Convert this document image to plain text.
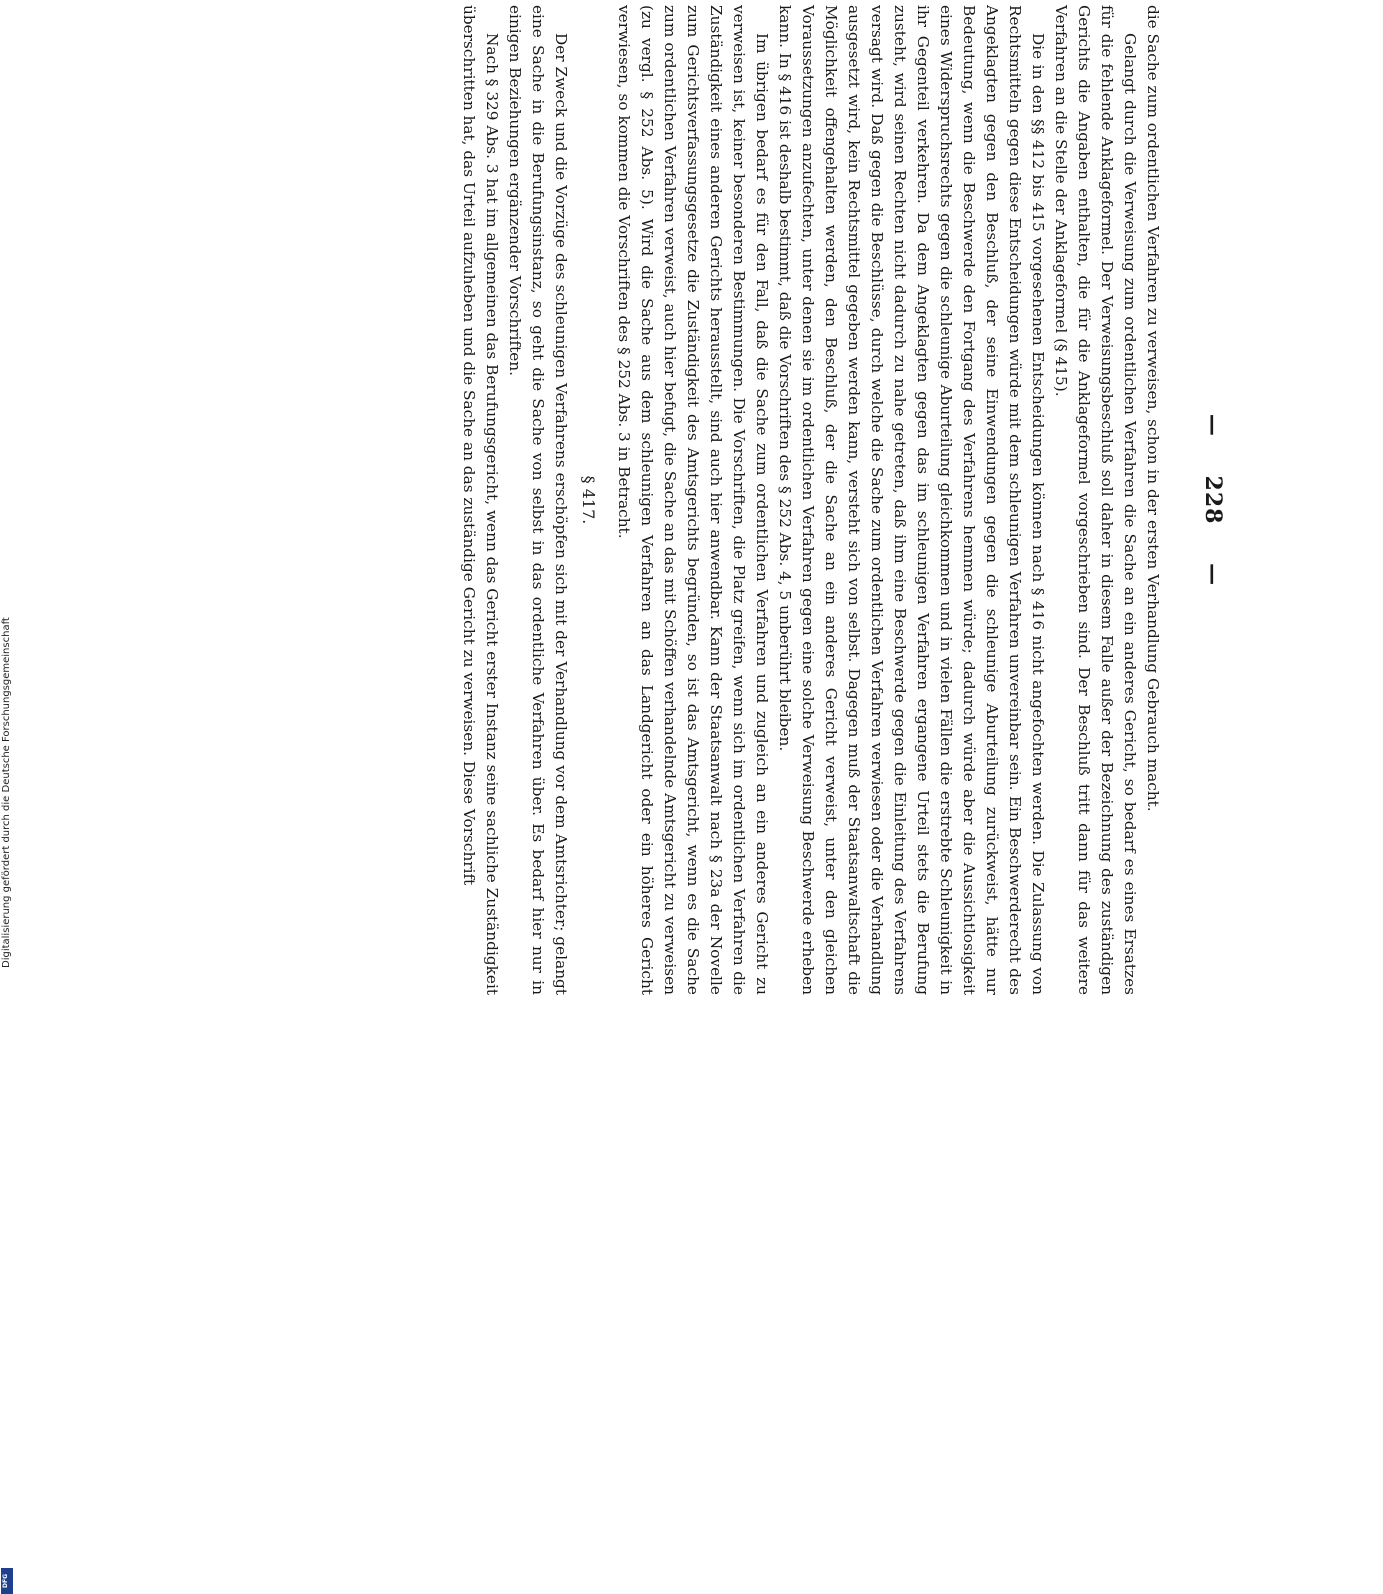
— 228 —

die Sache zum ordentlichen Verfahren zu verweisen, schon in der ersten Verhandlung Gebrauch macht.

Gelangt durch die Verweisung zum ordentlichen Verfahren die Sache an ein anderes Gericht, so bedarf es eines Ersatzes für die fehlende Anklageformel. Der Verweisungsbeschluß soll daher in diesem Falle außer der Bezeichnung des zuständigen Gerichts die Angaben enthalten, die für die Anklageformel vorgeschrieben sind. Der Beschluß tritt dann für das weitere Verfahren an die Stelle der Anklageformel (§ 415).

Die in den §§ 412 bis 415 vorgesehenen Entscheidungen können nach § 416 nicht angefochten werden. Die Zulassung von Rechtsmitteln gegen diese Entscheidungen würde mit dem schleunigen Verfahren unvereinbar sein. Ein Beschwerderecht des Angeklagten gegen den Beschluß, der seine Einwendungen gegen die schleunige Aburteilung zurückweist, hätte nur Bedeutung, wenn die Beschwerde den Fortgang des Verfahrens hemmen würde; dadurch würde aber die Aussichtlosigkeit eines Widerspruchsrechts gegen die schleunige Aburteilung gleichkommen und in vielen Fällen die erstrebte Schleunigkeit in ihr Gegenteil verkehren. Da dem Angeklagten gegen das im schleunigen Verfahren ergangene Urteil stets die Berufung zusteht, wird seinen Rechten nicht dadurch zu nahe getreten, daß ihm eine Beschwerde gegen die Einleitung des Verfahrens versagt wird. Daß gegen die Beschlüsse, durch welche die Sache zum ordentlichen Verfahren verwiesen oder die Verhandlung ausgesetzt wird, kein Rechtsmittel gegeben werden kann, versteht sich von selbst. Dagegen muß der Staatsanwaltschaft die Möglichkeit offengehalten werden, den Beschluß, der die Sache an ein anderes Gericht verweist, unter den gleichen Voraussetzungen anzufechten, unter denen sie im ordentlichen Verfahren gegen eine solche Verweisung Beschwerde erheben kann. In § 416 ist deshalb bestimmt, daß die Vorschriften des § 252 Abs. 4, 5 unberührt bleiben.

Im übrigen bedarf es für den Fall, daß die Sache zum ordentlichen Verfahren und zugleich an ein anderes Gericht zu verweisen ist, keiner besonderen Bestimmungen. Die Vorschriften, die Platz greifen, wenn sich im ordentlichen Verfahren die Zuständigkeit eines anderen Gerichts herausstellt, sind auch hier anwendbar. Kann der Staatsanwalt nach § 23a der Novelle zum Gerichtsverfassungsgesetze die Zuständigkeit des Amtsgerichts begründen, so ist das Amtsgericht, wenn es die Sache zum ordentlichen Verfahren verweist, auch hier befugt, die Sache an das mit Schöffen verhandelnde Amtsgericht zu verweisen (zu vergl. § 252 Abs. 5). Wird die Sache aus dem schleunigen Verfahren an das Landgericht oder ein höheres Gericht verwiesen, so kommen die Vorschriften des § 252 Abs. 3 in Betracht.

§ 417.

Der Zweck und die Vorzüge des schleunigen Verfahrens erschöpfen sich mit der Verhandlung vor dem Amtsrichter; gelangt eine Sache in die Berufungsinstanz, so geht die Sache von selbst in das ordentliche Verfahren über. Es bedarf hier nur in einigen Beziehungen ergänzender Vorschriften.

Nach § 329 Abs. 3 hat im allgemeinen das Berufungsgericht, wenn das Gericht erster Instanz seine sachliche Zuständigkeit überschritten hat, das Urteil aufzuheben und die Sache an das zuständige Gericht zu verweisen. Diese Vorschrift

Digitalisierung gefördert durch die Deutsche Forschungsgemeinschaft
DFG
